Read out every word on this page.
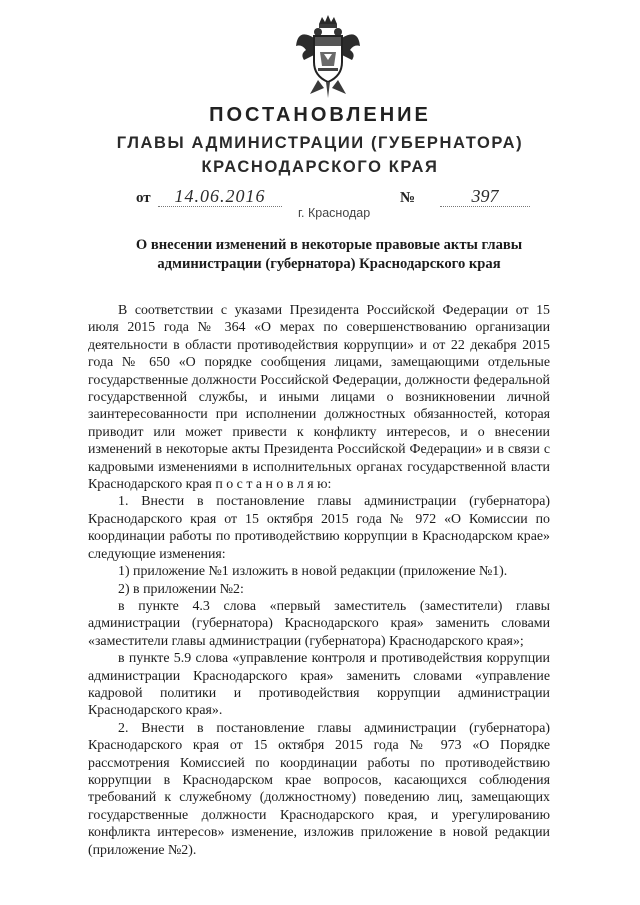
ПОСТАНОВЛЕНИЕ
ГЛАВЫ АДМИНИСТРАЦИИ (ГУБЕРНАТОРА)
КРАСНОДАРСКОГО КРАЯ
от	14.06.2016	№	397
г. Краснодар
О внесении изменений в некоторые правовые акты главы
администрации (губернатора) Краснодарского края

В соответствии с указами Президента Российской Федерации от 15 июля 2015 года № 364 «О мерах по совершенствованию организации деятельности в области противодействия коррупции» и от 22 декабря 2015 года № 650 «О порядке сообщения лицами, замещающими отдельные государственные должности Российской Федерации, должности федеральной государственной службы, и иными лицами о возникновении личной заинтересованности при исполнении должностных обязанностей, которая приводит или может привести к конфликту интересов, и о внесении изменений в некоторые акты Президента Российской Федерации» и в связи с кадровыми изменениями в исполнительных органах государственной власти Краснодарского края п о с т а н о в л я ю:

1. Внести в постановление главы администрации (губернатора) Краснодарского края от 15 октября 2015 года № 972 «О Комиссии по координации работы по противодействию коррупции в Краснодарском крае» следующие изменения:

1) приложение №1 изложить в новой редакции (приложение №1).

2) в приложении №2:

в пункте 4.3 слова «первый заместитель (заместители) главы администрации (губернатора) Краснодарского края» заменить словами «заместители главы администрации (губернатора) Краснодарского края»;

в пункте 5.9 слова «управление контроля и противодействия коррупции администрации Краснодарского края» заменить словами «управление кадровой политики и противодействия коррупции администрации Краснодарского края».

2. Внести в постановление главы администрации (губернатора) Краснодарского края от 15 октября 2015 года № 973 «О Порядке рассмотрения Комиссией по координации работы по противодействию коррупции в Краснодарском крае вопросов, касающихся соблюдения требований к служебному (должностному) поведению лиц, замещающих государственные должности Краснодарского края, и урегулированию конфликта интересов» изменение, изложив приложение в новой редакции (приложение №2).
